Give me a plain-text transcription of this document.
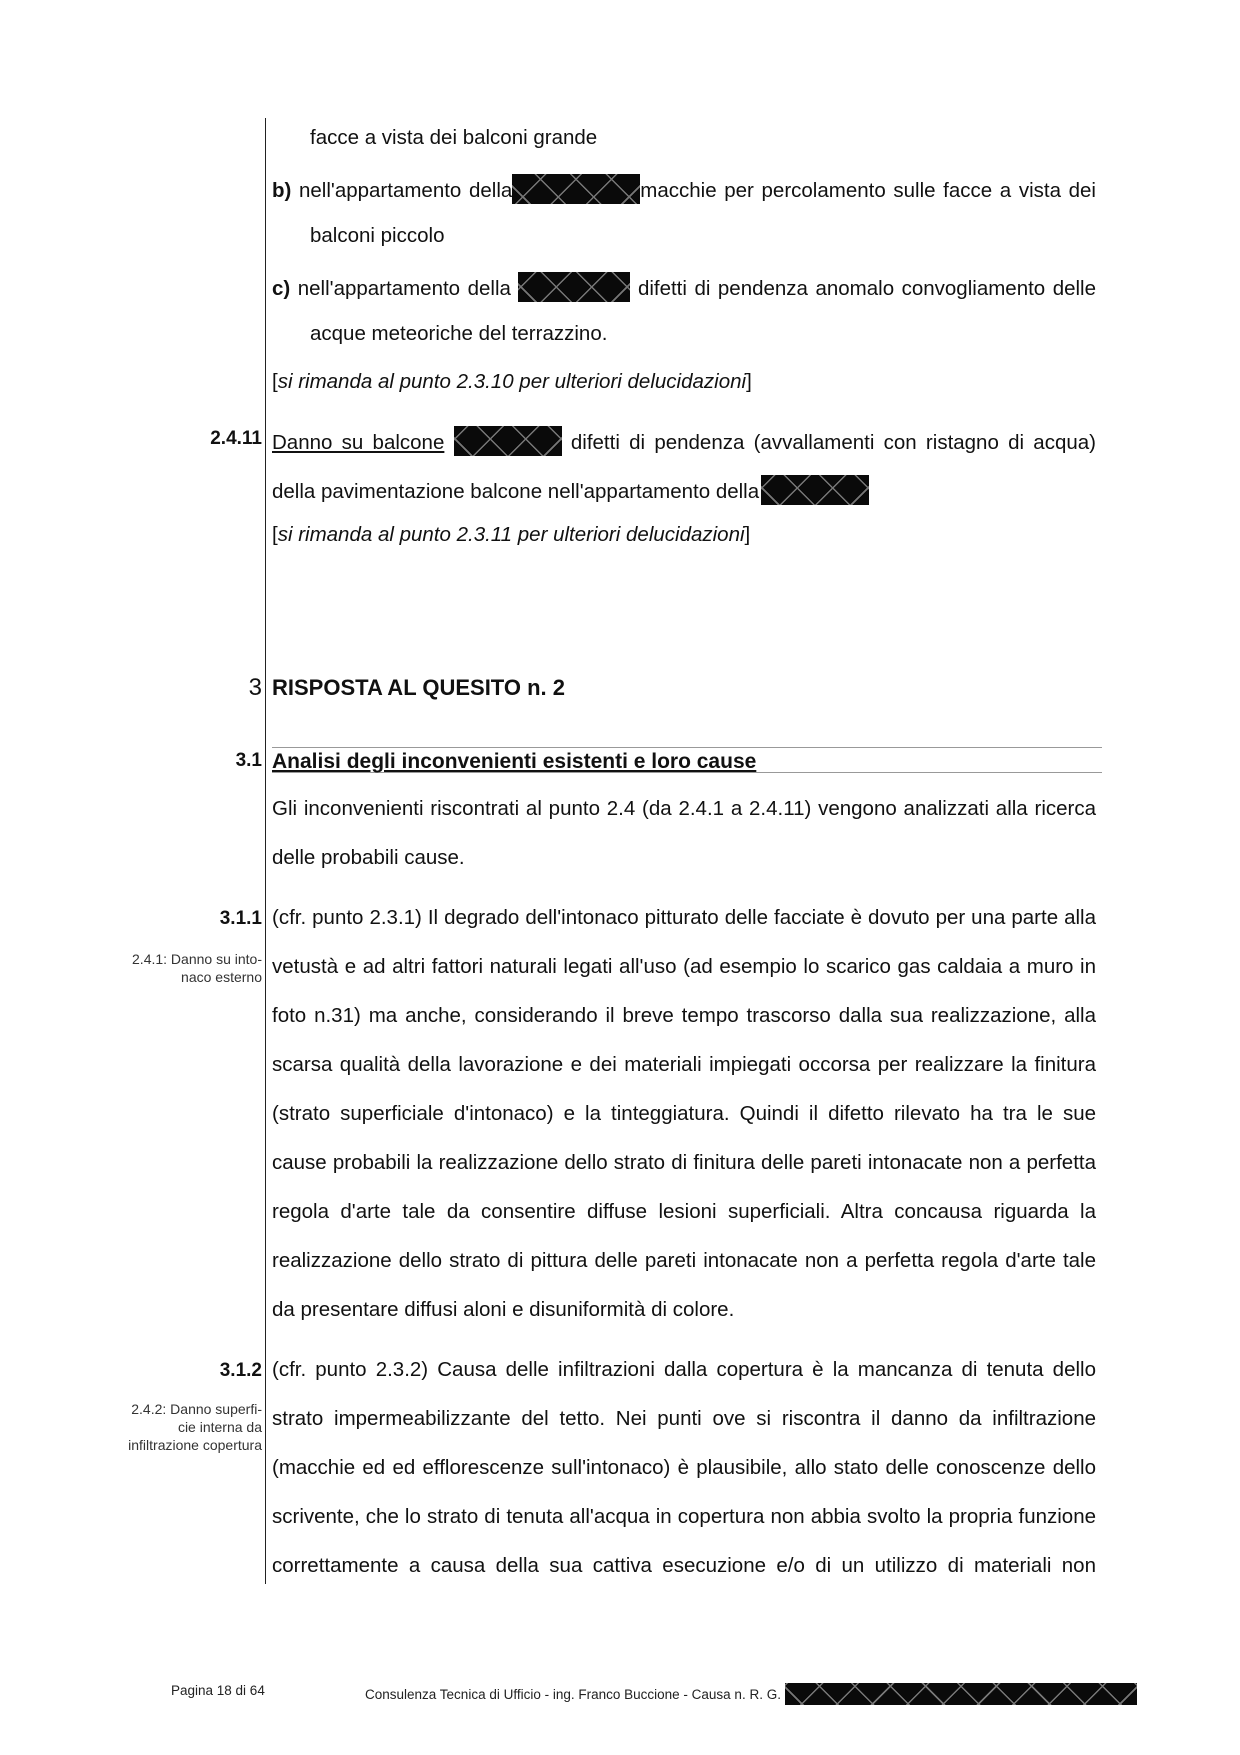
facce a vista dei balconi grande
b) nell'appartamento della	macchie per percolamento sulle facce a vista dei
balconi piccolo
c) nell'appartamento della	difetti di pendenza anomalo convogliamento delle
acque meteoriche del terrazzino.
[si rimanda al punto 2.3.10 per ulteriori delucidazioni]
2.4.11 Danno su balcone	difetti di pendenza (avvallamenti con ristagno di acqua)
della pavimentazione balcone nell'appartamento della
[si rimanda al punto 2.3.11 per ulteriori delucidazioni]
3 RISPOSTA AL QUESITO n. 2
3.1 Analisi degli inconvenienti esistenti e loro cause
Gli inconvenienti riscontrati al punto 2.4 (da 2.4.1 a 2.4.11) vengono analizzati alla ricerca
delle probabili cause.
3.1.1
2.4.1: Danno su into-
naco esterno
(cfr. punto 2.3.1) Il degrado dell'intonaco pitturato delle facciate è dovuto per una parte alla
vetustà e ad altri fattori naturali legati all'uso (ad esempio lo scarico gas caldaia a muro in
foto n.31) ma anche, considerando il breve tempo trascorso dalla sua realizzazione, alla
scarsa qualità della lavorazione e dei materiali impiegati occorsa per realizzare la finitura
(strato superficiale d'intonaco) e la tinteggiatura. Quindi il difetto rilevato ha tra le sue
cause probabili la realizzazione dello strato di finitura delle pareti intonacate non a perfetta
regola d'arte tale da consentire diffuse lesioni superficiali. Altra concausa riguarda la
realizzazione dello strato di pittura delle pareti intonacate non a perfetta regola d'arte tale
da presentare diffusi aloni e disuniformità di colore.
3.1.2
2.4.2: Danno superfi-
cie interna da
infiltrazione copertura
(cfr. punto 2.3.2) Causa delle infiltrazioni dalla copertura è la mancanza di tenuta dello
strato impermeabilizzante del tetto. Nei punti ove si riscontra il danno da infiltrazione
(macchie ed ed efflorescenze sull'intonaco) è plausibile, allo stato delle conoscenze dello
scrivente, che lo strato di tenuta all'acqua in copertura non abbia svolto la propria funzione
correttamente a causa della sua cattiva esecuzione e/o di un utilizzo di materiali non
Pagina 18 di 64	Consulenza Tecnica di Ufficio - ing. Franco Buccione - Causa n. R. G.
